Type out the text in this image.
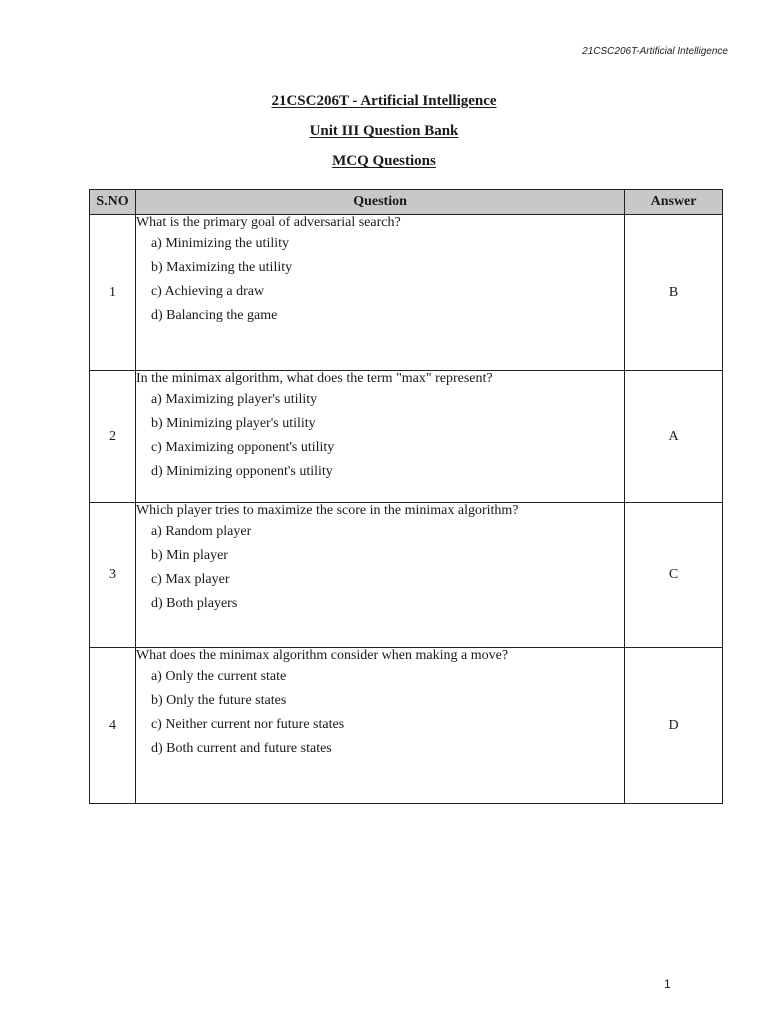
21CSC206T-Artificial Intelligence
21CSC206T - Artificial Intelligence
Unit III Question Bank
MCQ Questions
S.NO	Question	Answer
1	What is the primary goal of adversarial search?
a) Minimizing the utility
b) Maximizing the utility
c) Achieving a draw
d) Balancing the game	B
2	In the minimax algorithm, what does the term "max" represent?
a) Maximizing player's utility
b) Minimizing player's utility
c) Maximizing opponent's utility
d) Minimizing opponent's utility	A
3	Which player tries to maximize the score in the minimax algorithm?
a) Random player
b) Min player
c) Max player
d) Both players	C
4	What does the minimax algorithm consider when making a move?
a) Only the current state
b) Only the future states
c) Neither current nor future states
d) Both current and future states	D
1
